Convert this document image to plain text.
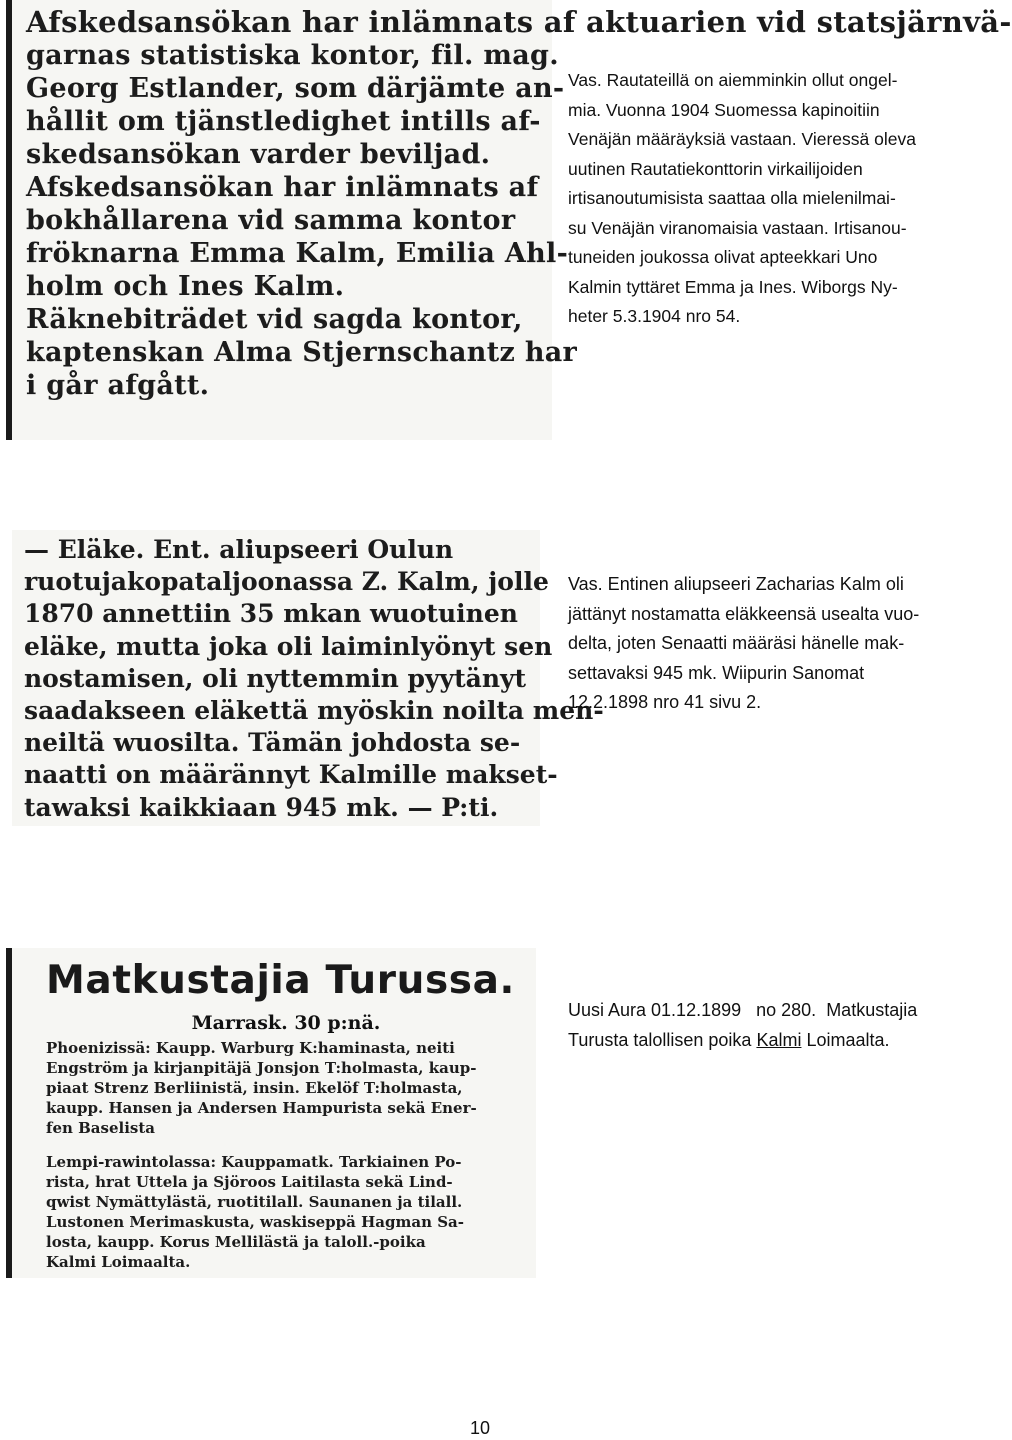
Afskedsansökan har inlämnats af aktuarien vid statsjärnvä-
garnas statistiska kontor, fil. mag.
Georg Estlander, som därjämte an-
hållit om tjänstledighet intills af-
skedsansökan varder beviljad.
Afskedsansökan har inlämnats af
bokhållarena vid samma kontor
fröknarna Emma Kalm, Emilia Ahl-
holm och Ines Kalm.
Räknebiträdet vid sagda kontor,
kaptenskan Alma Stjernschantz har
i går afgått.

Vas. Rautateillä on aiemminkin ollut ongel-

mia. Vuonna 1904 Suomessa kapinoitiin

Venäjän määräyksiä vastaan. Vieressä oleva

uutinen Rautatiekonttorin virkailijoiden

irtisanoutumisista saattaa olla mielenilmai-

su Venäjän viranomaisia vastaan. Irtisanou-

tuneiden joukossa olivat apteekkari Uno

Kalmin tyttäret Emma ja Ines. Wiborgs Ny-

heter 5.3.1904 nro 54.

— Eläke. Ent. aliupseeri Oulun
ruotujakopataljoonassa Z. Kalm, jolle
1870 annettiin 35 mkan wuotuinen
eläke, mutta joka oli laiminlyönyt sen
nostamisen, oli nyttemmin pyytänyt
saadakseen eläkettä myöskin noilta men-
neiltä wuosilta. Tämän johdosta se-
naatti on määrännyt Kalmille makset-
tawaksi kaikkiaan 945 mk. — P:ti.

Vas. Entinen aliupseeri Zacharias Kalm oli

jättänyt nostamatta eläkkeensä usealta vuo-

delta, joten Senaatti määräsi hänelle mak-

settavaksi 945 mk. Wiipurin Sanomat

12.2.1898 nro 41 sivu 2.

Matkustajia Turussa.
Marrask. 30 p:nä.
Phoenizissä: Kaupp. Warburg K:haminasta, neiti
Engström ja kirjanpitäjä Jonsjon T:holmasta, kaup-
piaat Strenz Berliinistä, insin. Ekelöf T:holmasta,
kaupp. Hansen ja Andersen Hampurista sekä Ener-
fen Baselista
Lempi-rawintolassa: Kauppamatk. Tarkiainen Po-
rista, hrat Uttela ja Sjöroos Laitilasta sekä Lind-
qwist Nymättylästä, ruotitilall. Saunanen ja tilall.
Lustonen Merimaskusta, waskiseppä Hagman Sa-
losta, kaupp. Korus Mellilästä ja taloll.-poika
Kalmi Loimaalta.

Uusi Aura 01.12.1899   no 280.  Matkustajia

Turusta talollisen poika Kalmi Loimaalta.

10
